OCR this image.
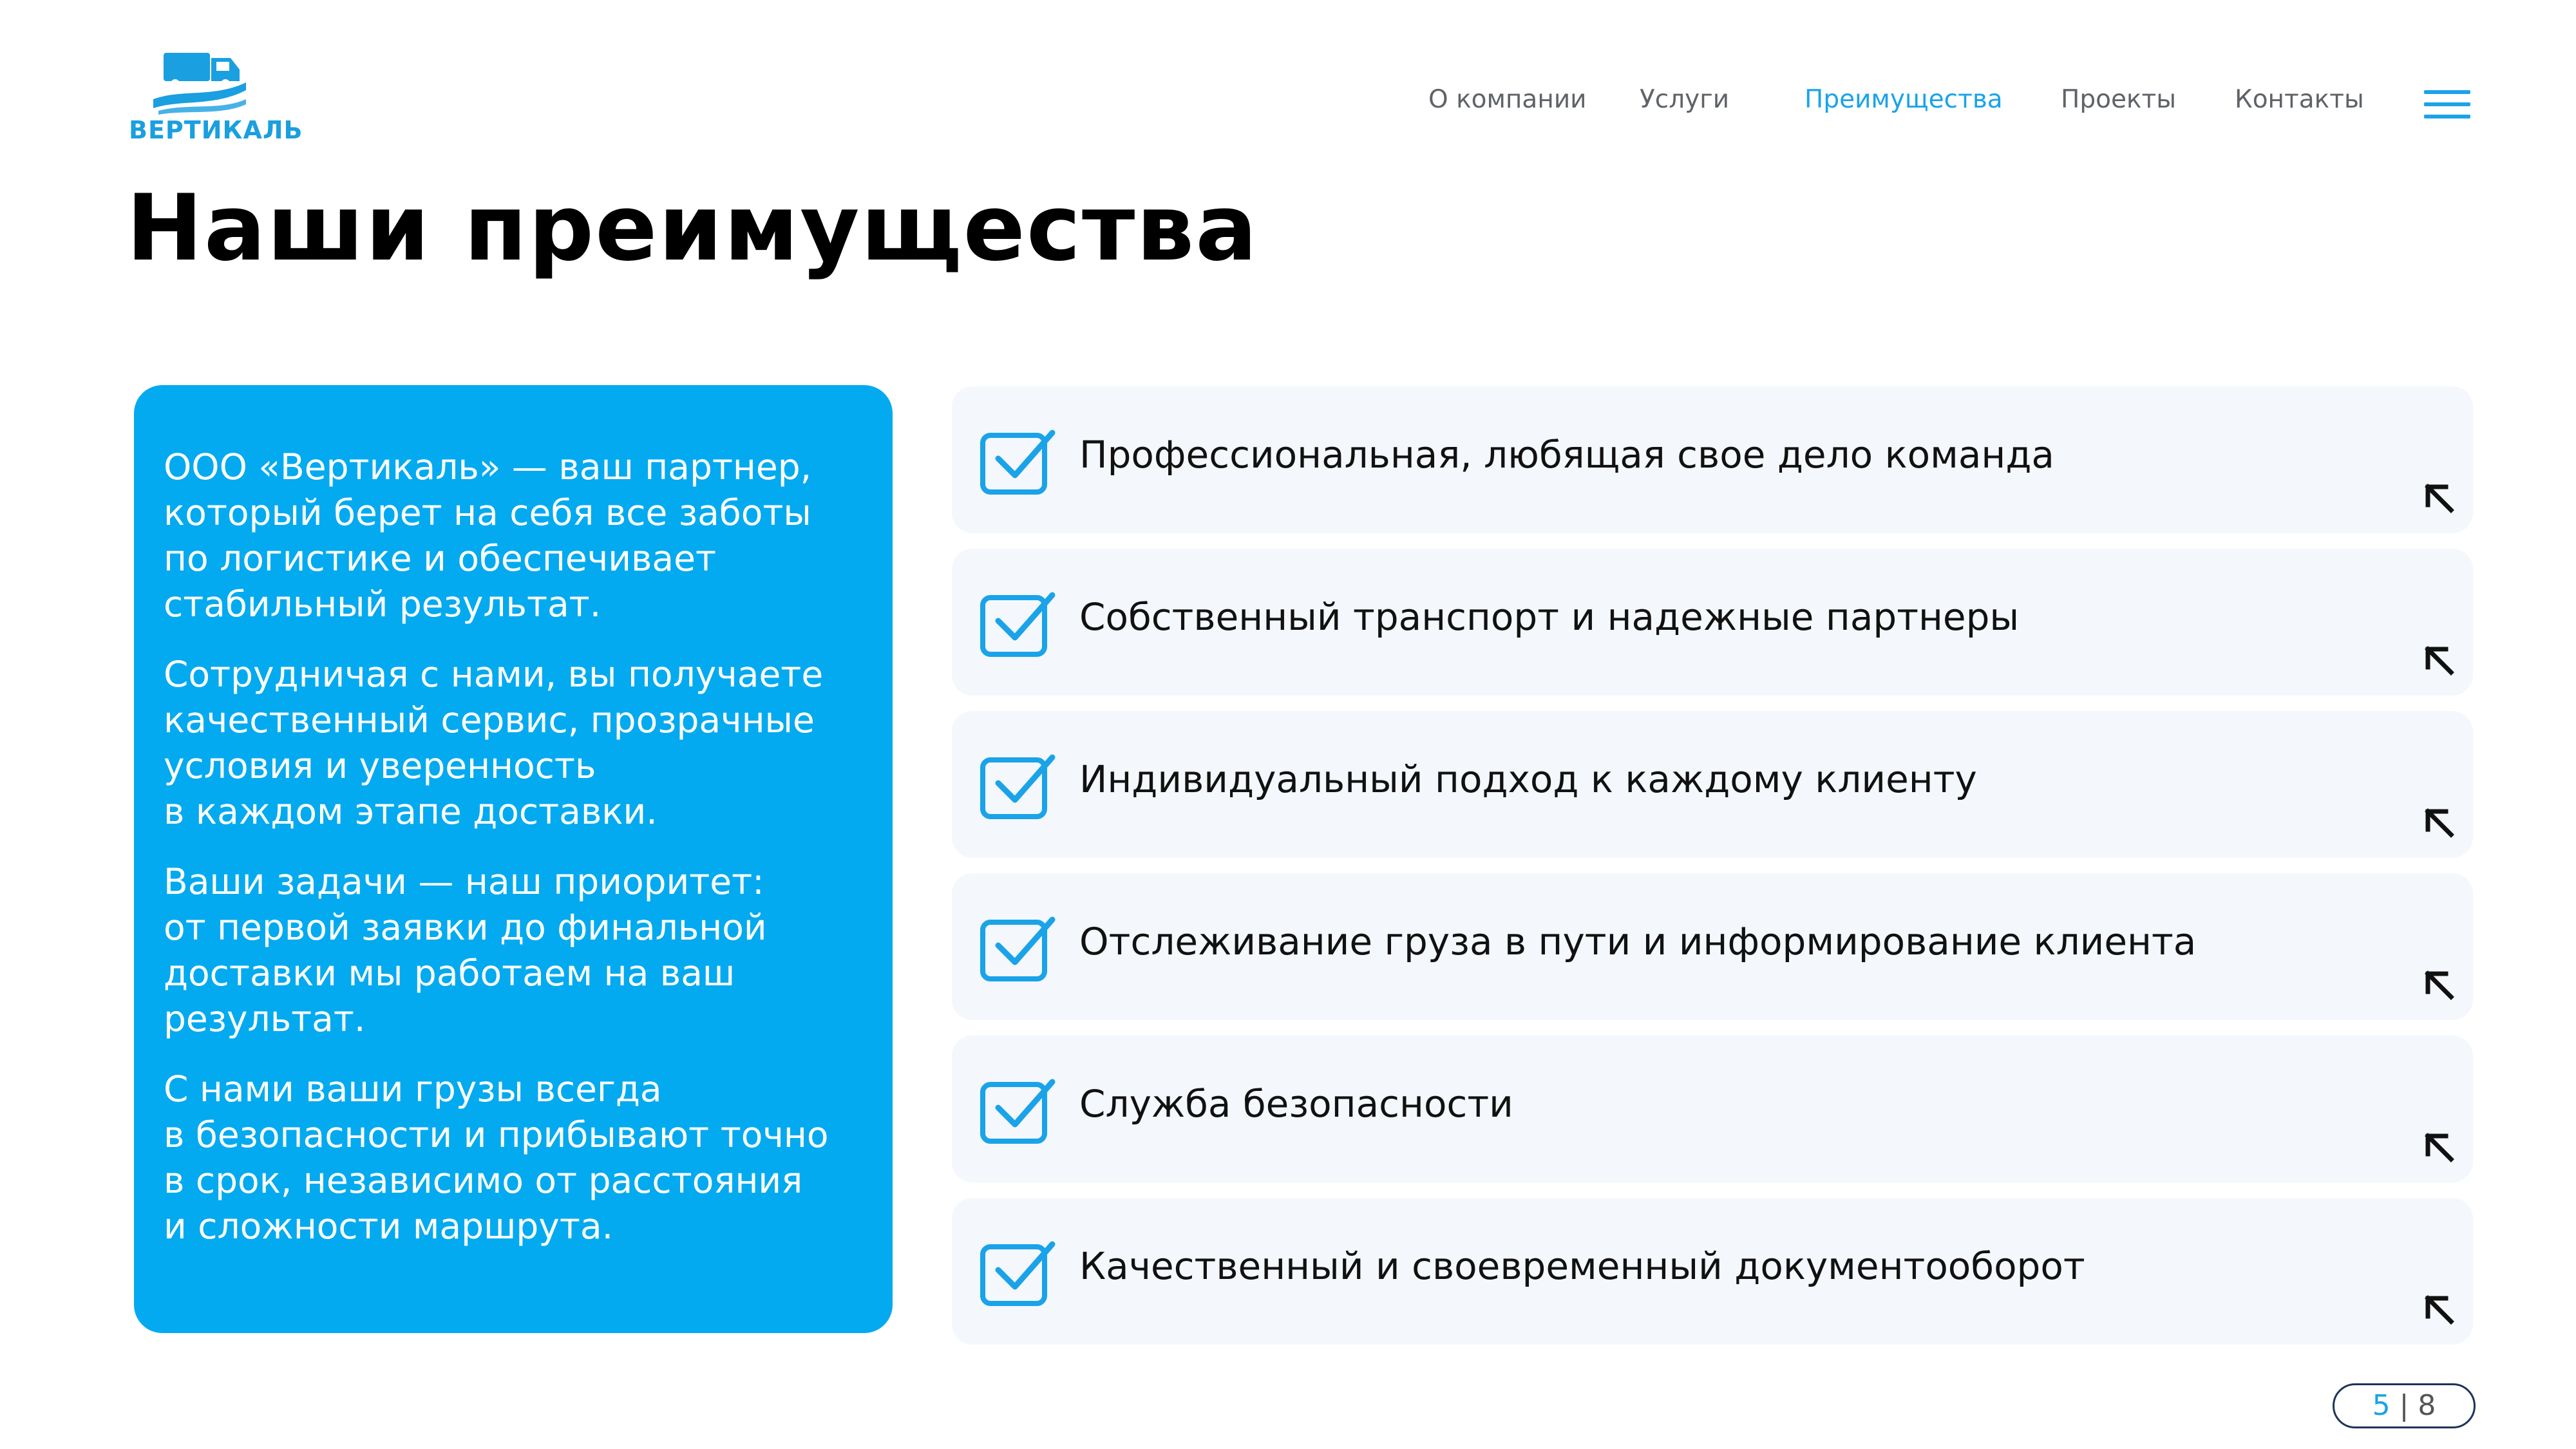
ВЕРТИКАЛЬ
О компании Услуги	Преимущества Проекты Контакты
Наши преимущества

ООО «Вертикаль» — ваш партнер,
который берет на себя все заботы
по логистике и обеспечивает
стабильный результат.

Сотрудничая с нами, вы получаете
качественный сервис, прозрачные
условия и уверенность
в каждом этапе доставки.

Ваши задачи — наш приоритет:
от первой заявки до финальной
доставки мы работаем на ваш
результат.

С нами ваши грузы всегда
в безопасности и прибывают точно
в срок, независимо от расстояния
и сложности маршрута.

Профессиональная, любящая свое дело команда
Собственный транспорт и надежные партнеры
Индивидуальный подход к каждому клиенту
Отслеживание груза в пути и информирование клиента
Служба безопасности
Качественный и своевременный документооборот
5 | 8
